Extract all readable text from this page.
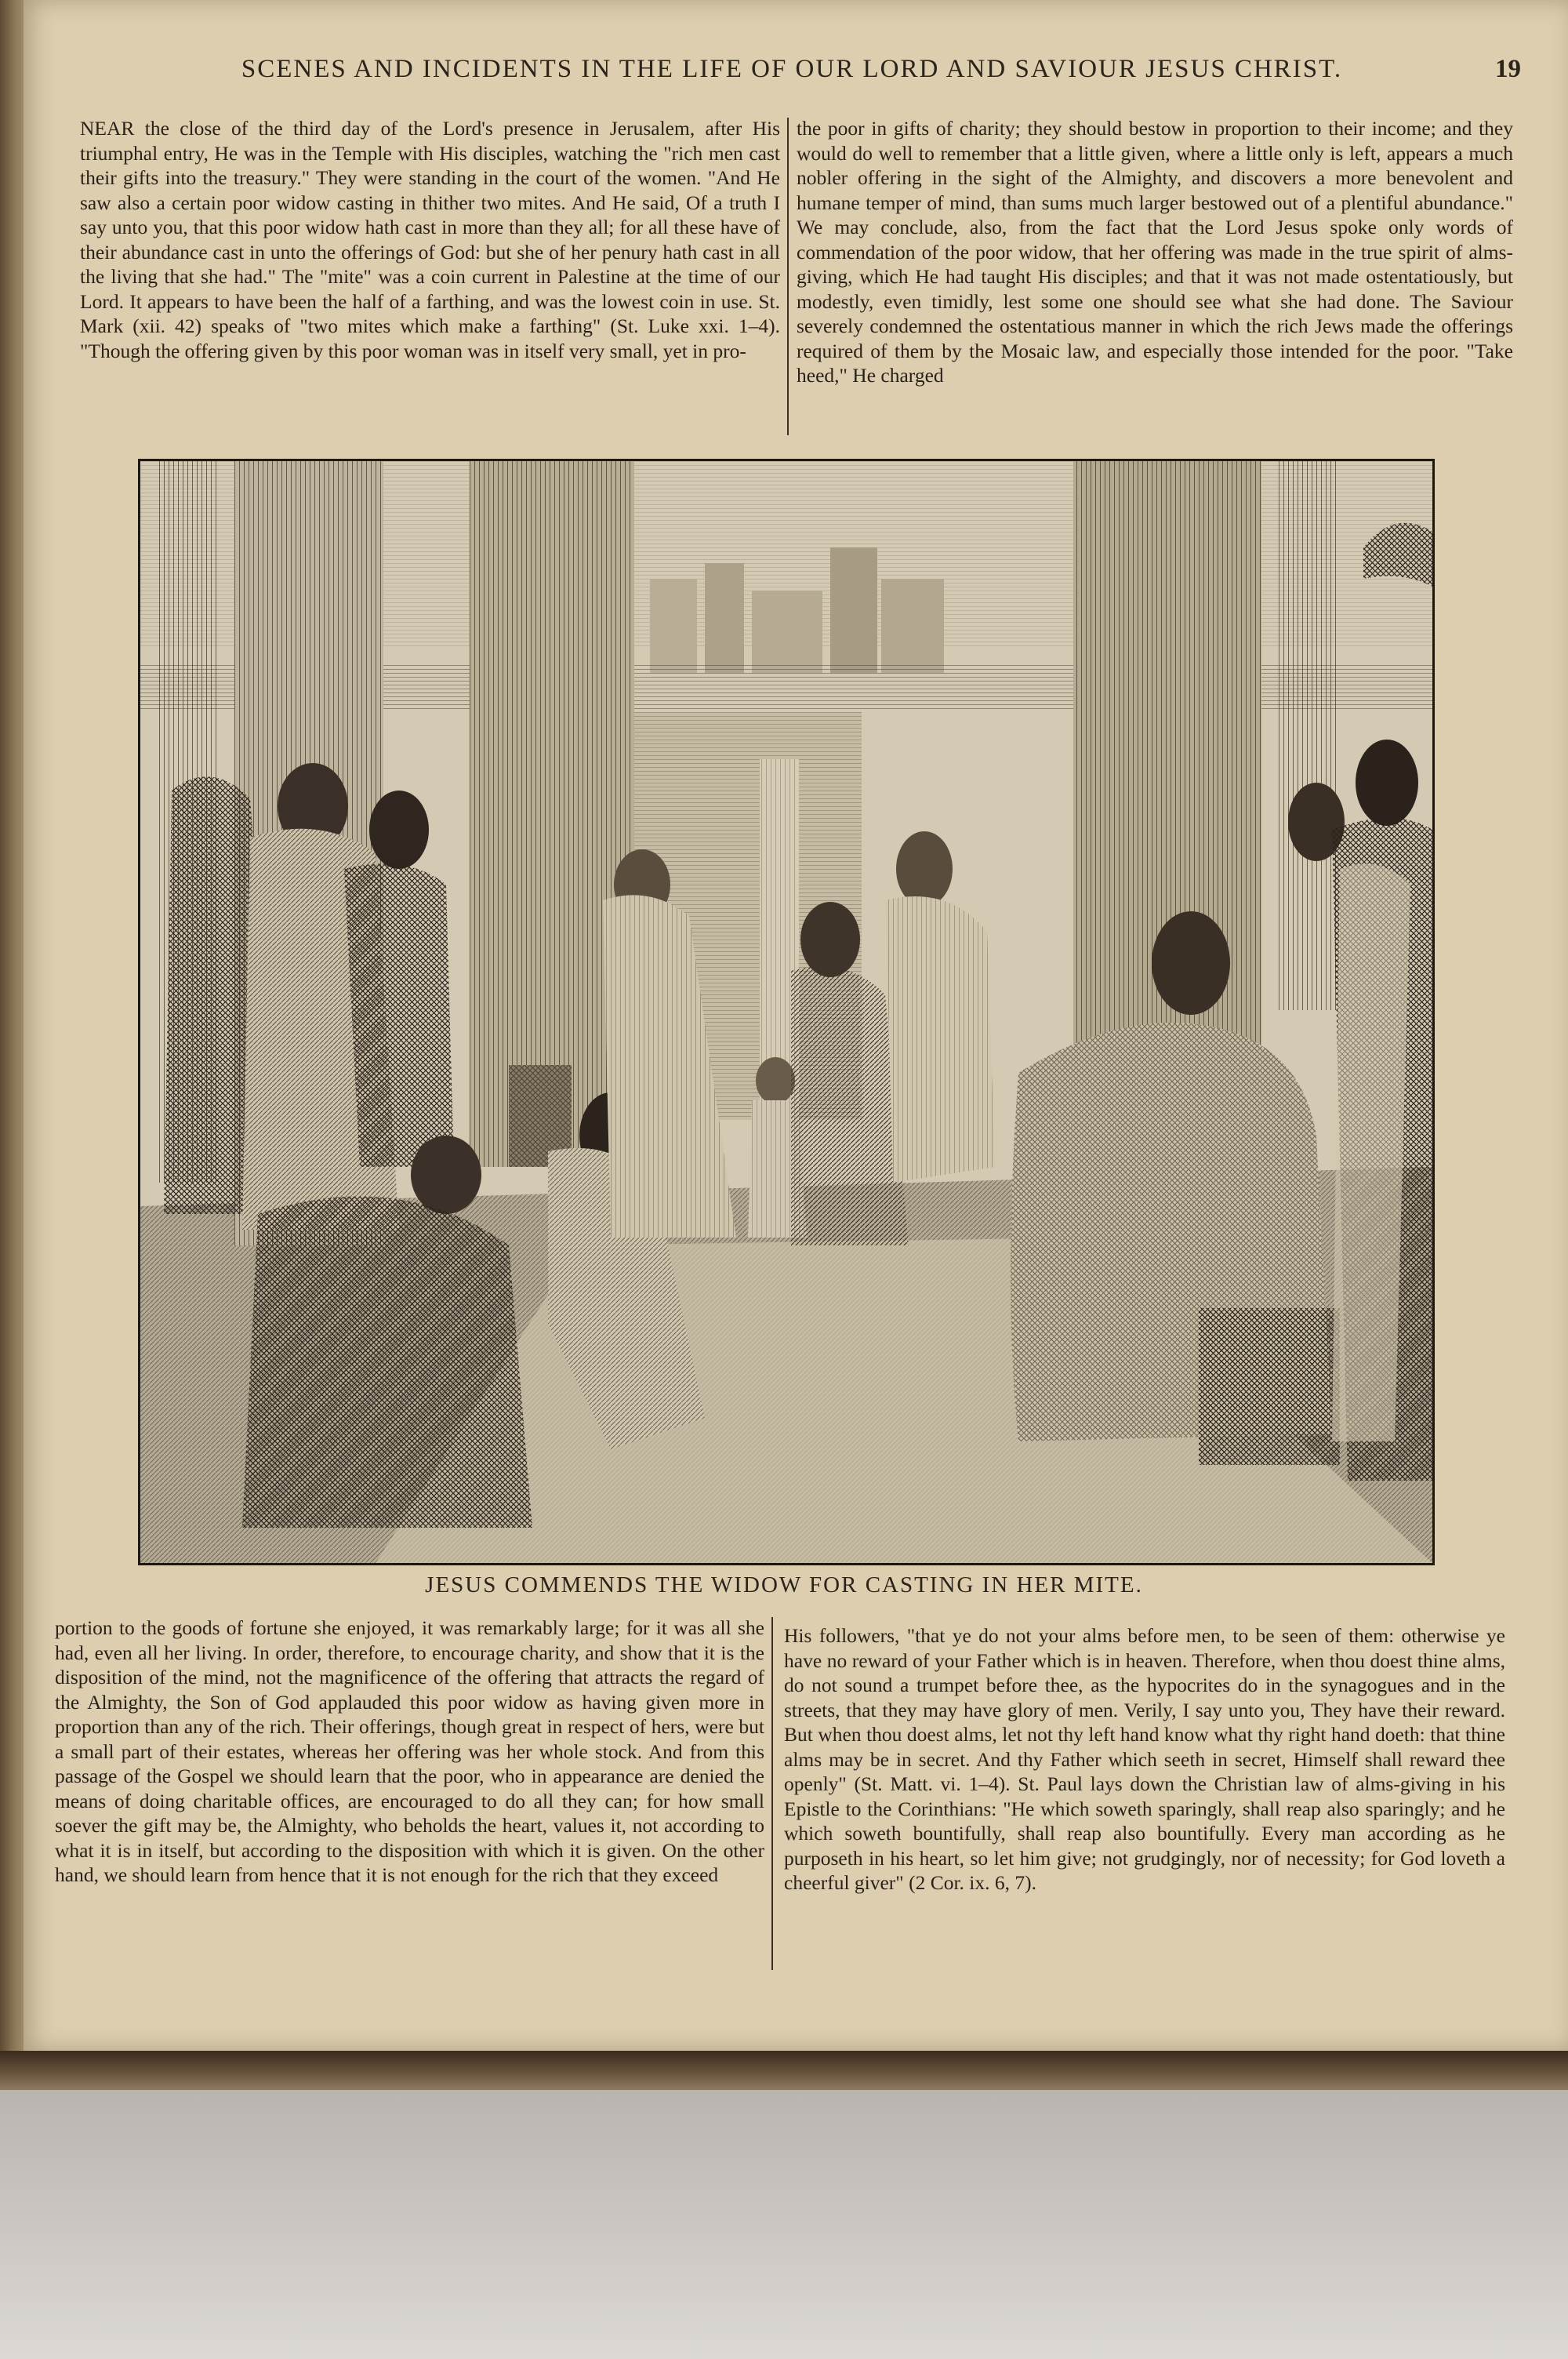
SCENES AND INCIDENTS IN THE LIFE OF OUR LORD AND SAVIOUR JESUS CHRIST.	19

NEAR the close of the third day of the Lord's presence in Jerusalem, after His triumphal entry, He was in the Temple with His disciples, watching the "rich men cast their gifts into the treasury." They were standing in the court of the women. "And He saw also a certain poor widow casting in thither two mites. And He said, Of a truth I say unto you, that this poor widow hath cast in more than they all; for all these have of their abundance cast in unto the offerings of God: but she of her penury hath cast in all the living that she had." The "mite" was a coin current in Palestine at the time of our Lord. It appears to have been the half of a farthing, and was the lowest coin in use. St. Mark (xii. 42) speaks of "two mites which make a farthing" (St. Luke xxi. 1–4). "Though the offering given by this poor woman was in itself very small, yet in pro-

the poor in gifts of charity; they should bestow in proportion to their income; and they would do well to remember that a little given, where a little only is left, appears a much nobler offering in the sight of the Almighty, and discovers a more benevolent and humane temper of mind, than sums much larger bestowed out of a plentiful abundance." We may conclude, also, from the fact that the Lord Jesus spoke only words of commendation of the poor widow, that her offering was made in the true spirit of alms-giving, which He had taught His disciples; and that it was not made ostentatiously, but modestly, even timidly, lest some one should see what she had done. The Saviour severely condemned the ostentatious manner in which the rich Jews made the offerings required of them by the Mosaic law, and especially those intended for the poor. "Take heed," He charged

JESUS COMMENDS THE WIDOW FOR CASTING IN HER MITE.

portion to the goods of fortune she enjoyed, it was remarkably large; for it was all she had, even all her living. In order, therefore, to encourage charity, and show that it is the disposition of the mind, not the magnificence of the offering that attracts the regard of the Almighty, the Son of God applauded this poor widow as having given more in proportion than any of the rich. Their offerings, though great in respect of hers, were but a small part of their estates, whereas her offering was her whole stock. And from this passage of the Gospel we should learn that the poor, who in appearance are denied the means of doing charitable offices, are encouraged to do all they can; for how small soever the gift may be, the Almighty, who beholds the heart, values it, not according to what it is in itself, but according to the disposition with which it is given. On the other hand, we should learn from hence that it is not enough for the rich that they exceed

His followers, "that ye do not your alms before men, to be seen of them: otherwise ye have no reward of your Father which is in heaven. Therefore, when thou doest thine alms, do not sound a trumpet before thee, as the hypocrites do in the synagogues and in the streets, that they may have glory of men. Verily, I say unto you, They have their reward. But when thou doest alms, let not thy left hand know what thy right hand doeth: that thine alms may be in secret. And thy Father which seeth in secret, Himself shall reward thee openly" (St. Matt. vi. 1–4). St. Paul lays down the Christian law of alms-giving in his Epistle to the Corinthians: "He which soweth sparingly, shall reap also sparingly; and he which soweth bountifully, shall reap also bountifully. Every man according as he purposeth in his heart, so let him give; not grudgingly, nor of necessity; for God loveth a cheerful giver" (2 Cor. ix. 6, 7).
